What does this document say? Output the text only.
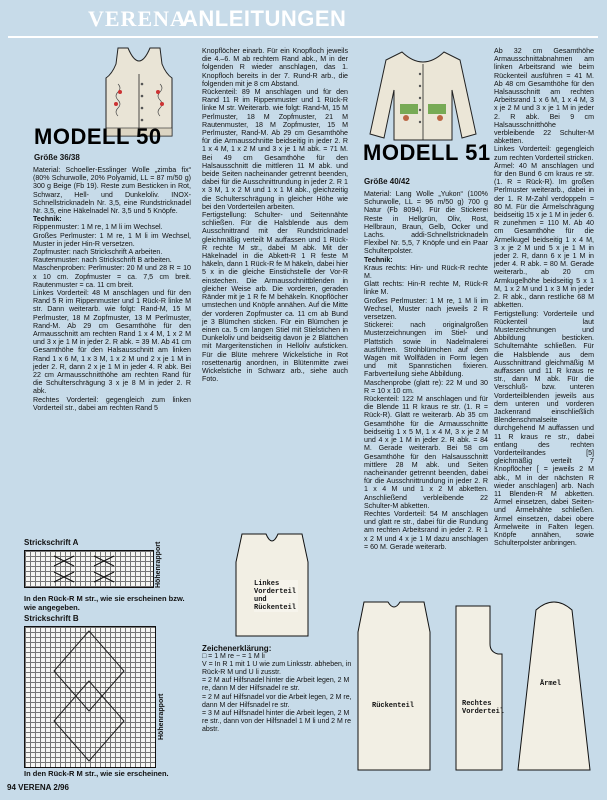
VERENA
ANLEITUNGEN
MODELL 50
Größe 36/38

Material: Schoeller-Esslinger Wolle „zimba fix“ (80% Schurwolle, 20% Polyamid, LL = 87 m/50 g) 300 g Beige (Fb 19). Reste zum Besticken in Rot, Schwarz, Hell- und Dunkeloliv. INOX-Schnellstricknadeln Nr. 3,5, eine Rundstricknadel Nr. 3,5, eine Häkelnadel Nr. 3,5 und 5 Knöpfe.

Technik:

Rippenmuster: 1 M re, 1 M li im Wechsel.

Großes Perlmuster: 1 M re, 1 M li im Wechsel, Muster in jeder Hin-R versetzen.

Zopfmuster: nach Strickschrift A arbeiten.

Rautenmuster: nach Strickschrift B arbeiten.

Maschenproben: Perlmuster: 20 M und 28 R = 10 x 10 cm. Zopfmuster = ca. 7,5 cm breit. Rautenmuster = ca. 11 cm breit.

Linkes Vorderteil: 48 M anschlagen und für den Rand 5 R im Rippenmuster und 1 Rück-R linke M str. Dann weiterarb. wie folgt: Rand-M, 15 M Perlmuster, 18 M Zopfmuster, 13 M Perlmuster, Rand-M. Ab 29 cm Gesamthöhe für den Armausschnitt am rechten Rand 1 x 4 M, 1 x 2 M und 3 x je 1 M in jeder 2. R abk. = 39 M. Ab 41 cm Gesamthöhe für den Halsausschnitt am linken Rand 1 x 6 M, 1 x 3 M, 1 x 2 M und 2 x je 1 M in jeder 2. R, dann 2 x je 1 M in jeder 4. R abk. Bei 22 cm Armausschnitthöhe am rechten Rand für die Schulterschrägung 3 x je 8 M in jeder 2. R abk.

Rechtes Vorderteil: gegengleich zum linken Vorderteil str., dabei am rechten Rand 5

Knopflöcher einarb. Für ein Knopfloch jeweils die 4.–6. M ab rechtem Rand abk., M in der folgenden R wieder anschlagen, das 1. Knopfloch bereits in der 7. Rund-R arb., die folgenden mit je 8 cm Abstand.

Rückenteil: 89 M anschlagen und für den Rand 11 R im Rippenmuster und 1 Rück-R linke M str. Weiterarb. wie folgt: Rand-M, 15 M Perlmuster, 18 M Zopfmuster, 21 M Rautenmuster, 18 M Zopfmuster, 15 M Perlmuster, Rand-M. Ab 29 cm Gesamthöhe für die Armausschnitte beidseitig in jeder 2. R 1 x 4 M, 1 x 2 M und 3 x je 1 M abk. = 71 M. Bei 49 cm Gesamthöhe für den Halsausschnitt die mittleren 11 M abk. und beide Seiten nacheinander getrennt beenden, dabei für die Ausschnittrundung in jeder 2. R 1 x 3 M, 1 x 2 M und 1 x 1 M abk., gleichzeitig die Schulterschrägung in gleicher Höhe wie bei den Vorderteilen arbeiten.

Fertigstellung: Schulter- und Seitennähte schließen. Für die Halsblende aus dem Ausschnittrand mit der Rundstricknadel gleichmäßig verteilt M auffassen und 1 Rück-R rechte M str., dabei M abk. Mit der Häkelnadel in die Abkett-R 1 R feste M häkeln, dann 1 Rück-R fe M häkeln, dabei hier 5 x in die gleiche Einstichstelle der Vor-R einstechen. Die Armausschnittblenden in gleicher Weise arb. Die vorderen, geraden Ränder mit je 1 R fe M behäkeln. Knopflöcher umstechen und Knöpfe annähen. Auf die Mitte der vorderen Zopfmuster ca. 11 cm ab Bund je 3 Blümchen sticken. Für ein Blümchen je einen ca. 5 cm langen Stiel mit Stielstichen in Dunkeloliv und beidseitig davon je 2 Blättchen mit Margeritenstichen in Helloliv aufsticken. Für die Blüte mehrere Wickelstiche in Rot rosettenartig anordnen, in Blütenmitte zwei Wickelstiche in Schwarz arb., siehe auch Foto.

Strickschrift A	Höhenrapport
In den Rück-R M str., wie sie erscheinen bzw. wie angegeben.
Strickschrift B
Höhenrapport
In den Rück-R M str., wie sie erscheinen.
Linkes Vorderteil und Rückenteil

Zeichenerklärung:

□ = 1 M re − = 1 M li

V = In R 1 mit 1 U wie zum Linksstr. abheben, in Rück-R M und U li zusstr.

= 2 M auf Hilfsnadel hinter die Arbeit legen, 2 M re, dann M der Hilfsnadel re str.

= 2 M auf Hilfsnadel vor die Arbeit legen, 2 M re, dann M der Hilfsnadel re str.

= 3 M auf Hilfsnadel hinter die Arbeit legen, 2 M re str., dann von der Hilfsnadel 1 M li und 2 M re abstr.

MODELL 51
Größe 40/42

Material: Lang Wolle „Yukon“ (100% Schurwolle, LL = 96 m/50 g) 700 g Natur (Fb 8094). Für die Stickerei Reste in Hellgrün, Oliv, Rost, Hellbraun, Braun, Gelb, Ocker und Lachs. addi-Schnellstricknadeln Flexibel Nr. 5,5, 7 Knöpfe und ein Paar Schulterpolster.

Technik:

Kraus rechts: Hin- und Rück-R rechte M.

Glatt rechts: Hin-R rechte M, Rück-R linke M.

Großes Perlmuster: 1 M re, 1 M li im Wechsel, Muster nach jeweils 2 R versetzen.

Stickerei: nach originalgroßen Musterzeichnungen im Stiel- und Plattstich sowie in Nadelmalerei ausführen. Strohblümchen auf dem Wagen mit Wollfäden in Form legen und mit Spannstichen fixieren. Farbverteilung siehe Abbildung.

Maschenprobe (glatt re): 22 M und 30 R = 10 x 10 cm.

Rückenteil: 122 M anschlagen und für die Blende 11 R kraus re str. (1. R = Rück-R). Glatt re weiterarb. Ab 35 cm Gesamthöhe für die Armausschnitte beidseitig 1 x 5 M, 1 x 4 M, 3 x je 2 M und 4 x je 1 M in jeder 2. R abk. = 84 M. Gerade weiterarb. Bei 58 cm Gesamthöhe für den Halsausschnitt mittlere 28 M abk. und Seiten nacheinander getrennt beenden, dabei für die Ausschnittrundung in jeder 2. R 1 x 4 M und 1 x 2 M abketten. Anschließend verbleibende 22 Schulter-M abketten.

Rechtes Vorderteil: 54 M anschlagen und glatt re str., dabei für die Rundung am rechten Arbeitsrand in jeder 2. R 1 x 2 M und 4 x je 1 M dazu anschlagen = 60 M. Gerade weiterarb.

Ab 32 cm Gesamthöhe Armausschnittabnahmen am linken Arbeitsrand wie beim Rückenteil ausführen = 41 M. Ab 48 cm Gesamthöhe für den Halsausschnitt am rechten Arbeitsrand 1 x 6 M, 1 x 4 M, 3 x je 2 M und 3 x je 1 M in jeder 2. R abk. Bei 9 cm Halsausschnitthöhe verbleibende 22 Schulter-M abketten.

Linkes Vorderteil: gegengleich zum rechten Vorderteil stricken.

Ärmel: 40 M anschlagen und für den Bund 6 cm kraus re str. (1. R = Rück-R). Im großen Perlmuster weiterarb., dabei in der 1. R M-Zahl verdoppeln = 80 M. Für die Ärmelschrägung beidseitig 15 x je 1 M in jeder 6. R zunehmen = 110 M. Ab 40 cm Gesamthöhe für die Ärmelkugel beidseitig 1 x 4 M, 3 x je 2 M und 5 x je 1 M in jeder 2. R, dann 6 x je 1 M in jeder 4. R abk. = 80 M. Gerade weiterarb., ab 20 cm Armkugelhöhe beidseitig 5 x 1 M, 1 x 2 M und 1 x 3 M in jeder 2. R abk., dann restliche 68 M abketten.

Fertigstellung: Vorderteile und Rückenteil laut Musterzeichnungen und Abbildung besticken. Schulternähte schließen. Für die Halsblende aus dem Ausschnittrand gleichmäßig M auffassen und 11 R kraus re str., dann M abk. Für die Verschluß- bzw. unteren Vorderteilblenden jeweils aus dem unteren und vorderen Jackenrand einschließlich Blendenschmalseite durchgehend M auffassen und 11 R kraus re str., dabei entlang des rechten Vorderteilrandes [5] gleichmäßig verteilt 7 Knopflöcher [ = jeweils 2 M abk., M in der nächsten R wieder anschlagen] arb. Nach 11 Blenden-R M abketten. Ärmel einsetzen, dabei Seiten- und Ärmelnähte schließen. Ärmel einsetzen, dabei obere Ärmelweite in Falten legen. Knöpfe annähen, sowie Schulterpolster anbringen.

Rückenteil	Rechtes Vorderteil
Ärmel
94 VERENA 2/96
